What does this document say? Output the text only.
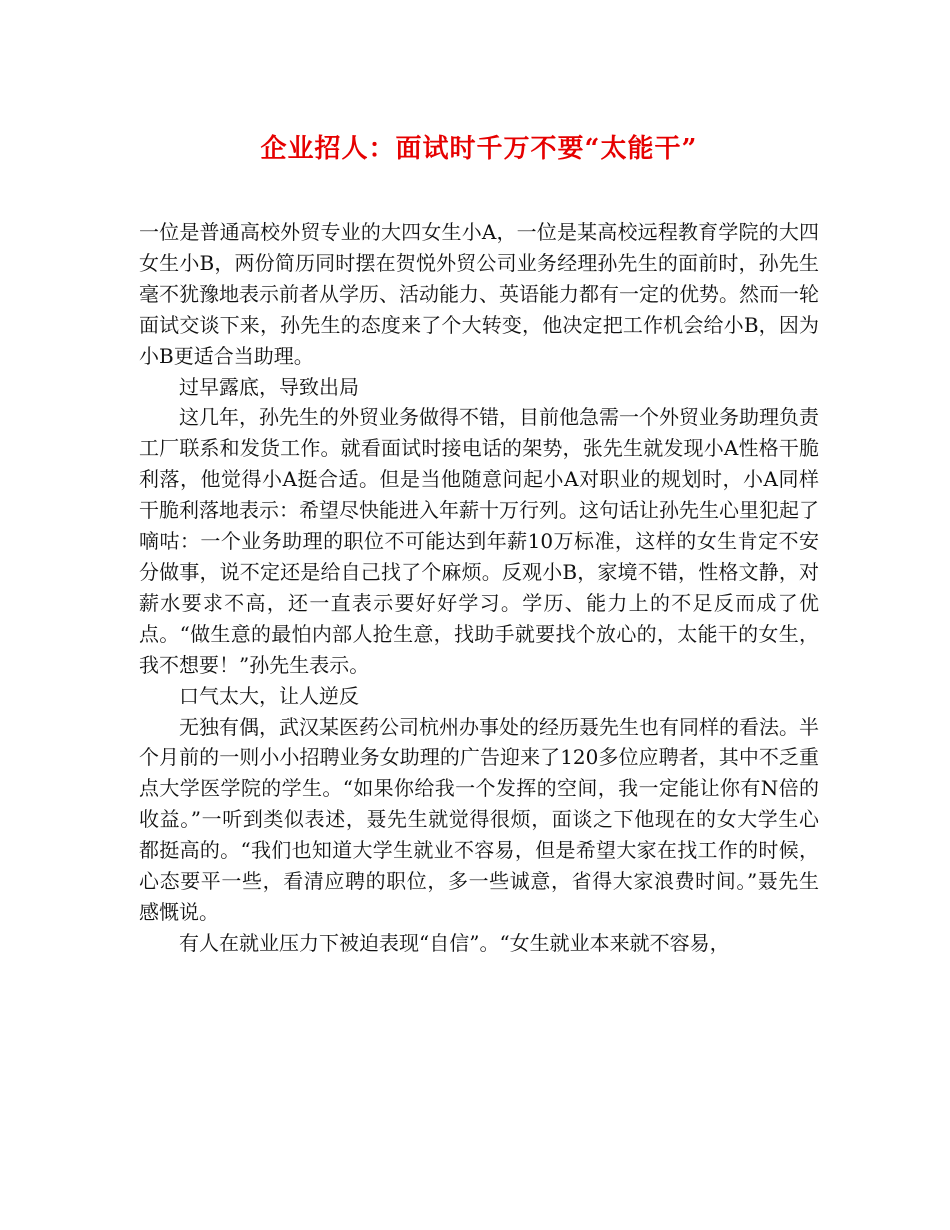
企业招人：面试时千万不要“太能干”

一位是普通高校外贸专业的大四女生小A，一位是某高校远程教育学院的大四女生小B，两份简历同时摆在贺悦外贸公司业务经理孙先生的面前时，孙先生毫不犹豫地表示前者从学历、活动能力、英语能力都有一定的优势。然而一轮面试交谈下来，孙先生的态度来了个大转变，他决定把工作机会给小B，因为小B更适合当助理。

过早露底，导致出局

这几年，孙先生的外贸业务做得不错，目前他急需一个外贸业务助理负责工厂联系和发货工作。就看面试时接电话的架势，张先生就发现小A性格干脆利落，他觉得小A挺合适。但是当他随意问起小A对职业的规划时，小A同样干脆利落地表示：希望尽快能进入年薪十万行列。这句话让孙先生心里犯起了嘀咕：一个业务助理的职位不可能达到年薪10万标准，这样的女生肯定不安分做事，说不定还是给自己找了个麻烦。反观小B，家境不错，性格文静，对薪水要求不高，还一直表示要好好学习。学历、能力上的不足反而成了优点。“做生意的最怕内部人抢生意，找助手就要找个放心的，太能干的女生，我不想要！”孙先生表示。

口气太大，让人逆反

无独有偶，武汉某医药公司杭州办事处的经历聂先生也有同样的看法。半个月前的一则小小招聘业务女助理的广告迎来了120多位应聘者，其中不乏重点大学医学院的学生。“如果你给我一个发挥的空间，我一定能让你有N倍的收益。”一听到类似表述，聂先生就觉得很烦，面谈之下他现在的女大学生心都挺高的。“我们也知道大学生就业不容易，但是希望大家在找工作的时候，心态要平一些，看清应聘的职位，多一些诚意，省得大家浪费时间。”聂先生感慨说。

有人在就业压力下被迫表现“自信”。“女生就业本来就不容易，
